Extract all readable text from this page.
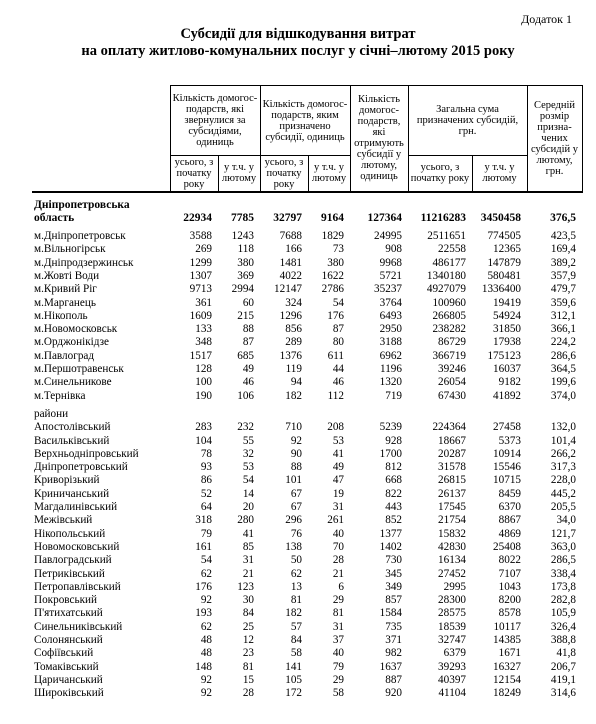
Додаток 1
Субсидії для відшкодування витрат
на оплату житлово-комунальних послуг у січні–лютому 2015 року
	Кількість домогос-подарств, які звернулися за субсидіями, одиниць		Кількість домогос-подарств, яким призначено субсидії, одиниць		Кількість домогос-подарств, які отримують субсидії у лютому, одиниць	Загальна сума призначених субсидій, грн.		Середній розмір призна-чених субсидій у лютому, грн.
	усього, з початку року	у т.ч. у лютому	усього, з початку року	у т.ч. у лютому		усього, з початку року	у т.ч. у лютому	

Дніпропетровська								
область	22934	7785	32797	9164	127364	11216283	3450458	376,5

м.Дніпропетровськ	3588	1243	7688	1829	24995	2511651	774505	423,5
м.Вільногірськ	269	118	166	73	908	22558	12365	169,4
м.Дніпродзержинськ	1299	380	1481	380	9968	486177	147879	389,2
м.Жовті Води	1307	369	4022	1622	5721	1340180	580481	357,9
м.Кривий Ріг	9713	2994	12147	2786	35237	4927079	1336400	479,7
м.Марганець	361	60	324	54	3764	100960	19419	359,6
м.Нікополь	1609	215	1296	176	6493	266805	54924	312,1
м.Новомосковськ	133	88	856	87	2950	238282	31850	366,1
м.Орджонікідзе	348	87	289	80	3188	86729	17938	224,2
м.Павлоград	1517	685	1376	611	6962	366719	175123	286,6
м.Першотравенськ	128	49	119	44	1196	39246	16037	364,5
м.Синельникове	100	46	94	46	1320	26054	9182	199,6
м.Тернівка	190	106	182	112	719	67430	41892	374,0

райони								
Апостолівський	283	232	710	208	5239	224364	27458	132,0
Васильківський	104	55	92	53	928	18667	5373	101,4
Верхньодніпровський	78	32	90	41	1700	20287	10914	266,2
Дніпропетровський	93	53	88	49	812	31578	15546	317,3
Криворізький	86	54	101	47	668	26815	10715	228,0
Криничанський	52	14	67	19	822	26137	8459	445,2
Магдалинівський	64	20	67	31	443	17545	6370	205,5
Межівський	318	280	296	261	852	21754	8867	34,0
Нікопольський	79	41	76	40	1377	15832	4869	121,7
Новомосковський	161	85	138	70	1402	42830	25408	363,0
Павлоградський	54	31	50	28	730	16134	8022	286,5
Петриківський	62	21	62	21	345	27452	7107	338,4
Петропавлівський	176	123	13	6	349	2995	1043	173,8
Покровський	92	30	81	29	857	28300	8200	282,8
П'ятихатський	193	84	182	81	1584	28575	8578	105,9
Синельниківський	62	25	57	31	735	18539	10117	326,4
Солонянський	48	12	84	37	371	32747	14385	388,8
Софіївський	48	23	58	40	982	6379	1671	41,8
Томаківський	148	81	141	79	1637	39293	16327	206,7
Царичанський	92	15	105	29	887	40397	12154	419,1
Широківський	92	28	172	58	920	41104	18249	314,6
